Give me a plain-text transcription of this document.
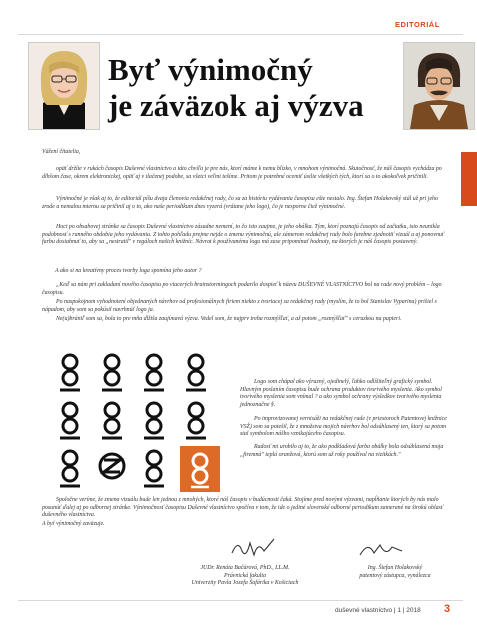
EDITORIÁL
Byť výnimočný
je záväzok aj výzva
Vážení čitatelia,
opäť držíte v rukách časopis Duševné vlastníctvo a táto chvíľa je pre nás, ktorí máme k nemu blízko, v mnohom výnimočná. Skutočnosť, že náš časopis vychádza po dlhšom čase, okrem elektronickej, opäť aj v tlačenej podobe, sa všetci veľmi tešíme. Pritom je potrebné ocemiť úsilie všetkých tých, ktorí sa o to akokoľvek pričinili.
Výnimočné je však aj to, že editoriál píšu dvaja členovia redakčnej rady, čo sa za históriu vydávania časopisu ešte nestalo. Ing. Štefan Holakovský stál už pri jeho zrode a nemalou mierou sa pričinil aj o to, ako naše periodikum dnes vyzerá (vrátane jeho logo), čo je nesporne čiež výnimočné.
Hoci po obsahovej stránke sa časopis Duševné vlastníctvo zásadne nemení, to čo isto zaujme, je jeho obálka. Tým, ktorí poznajú časopis od začiatku, isto neunikla podobnosť s ranného obdobia jeho vydávania. Z tohto pohľadu prejme nejde o zmenu výnimočnú, ale zámerom redakčnej rady bolo farebne zjednotiť vizuál a aj ponovnuť farbu dosiahnuť to, aby sa „nestratil" v regáloch našich knižníc. Návrat k používanému logu má zase pripomínať hodnoty, na ktorých je náš časopis postavený.
A ako si na kreatívny proces tvorby loga spomína jeho autor ?
„Keď sa nám pri zakladaní nového časopisu po viacerých brainstormingoch podarilo dospieť k názvu DUŠEVNÉ VLASTNÍCTVO bol na rade nový problém – logo časopisu.
Po naspokojnom vyhodnotení objednaných návrhov od profesionálnych firiem niekto z tvoriacej sa redakčnej rady (myslím, že to bol Stanislav Vyparina) prišiel s nápadom, aby som sa pokúsil navrhnúť logo ja.
Ne(u)brániľ som sa, bola to pre mňa dlžiša zaujímavá výzva. Vedel som, že najprv treba rozmýšľať, a až potom „rozmýšľať" s ceruzkou na papieri.
Logo som chápal ako výrazný, ojedinelý, ľahko odlíšiteľný grafický symbol. Hlavným poslaním časopisu bude ochrana produktov tvorivého myslenia. Ako symbol tvorivého myslenia som vnímal ? a ako symbol ochrany výsledkov tvorivého myslenia jednoznačne §.
Po improvizovanej vernisáži na redakčnej rade (v priestoroch Patentovej knižnice VSŽ) som sa potešil, že z množstva mojich návrhov bol odsúhlasený ten, ktorý sa potom stal symbolom nášho vznikajúceho časopisu.
Radosť mi urobilo aj to, že ako podkladová farba obálky bola odsúhlasená moja „firemná" teplá oranžová, ktorú som už roky používal na vizitkách."
Spoločne veríme, že zmena vizuálu bude len jednou z mnohých, ktoré náš časopis v budúcnosti čaká. Stojíme pred novými výzvami, napĺňanie ktorých by nás malo posunúť ďalej aj po odbornej stránke. Výnimočnosť časopisu Duševné vlastníctvo spočíva v tom, že ide o jediné slovenské odborné periodikum zamerané na širokú oblasť duševného vlastníctva.
A byť výnimočný zaväzuje.
JUDr. Renáta Bačárová, PhD., LL.M.
Právnická fakulta
Univerzity Pavla Jozefa Šafárika v Košiciach
Ing. Štefan Holakovský
patentový zástupca, vynálezca
duševné vlastníctvo | 1 | 2018 3
